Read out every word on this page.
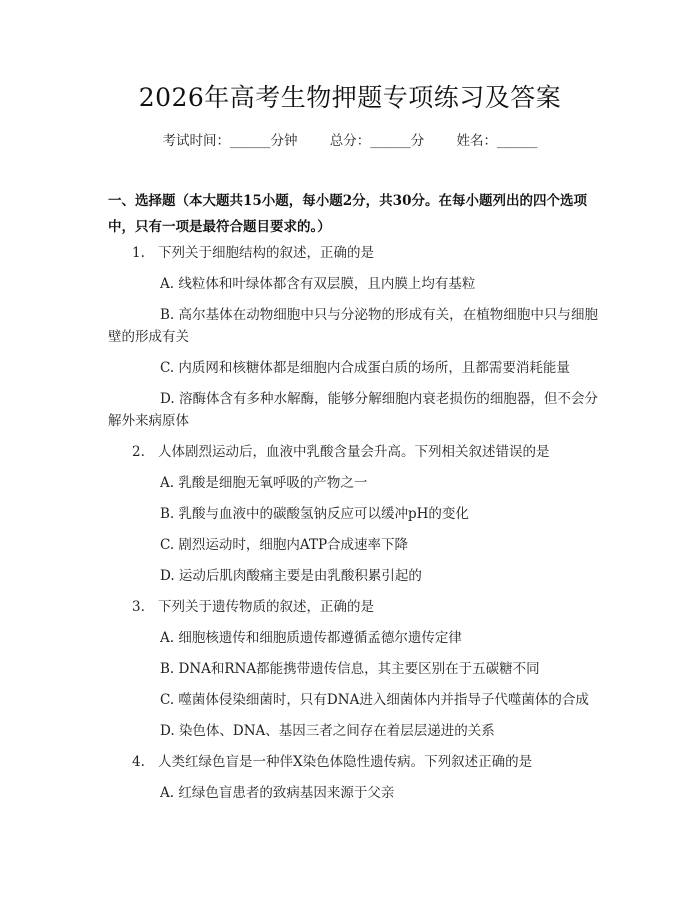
2026年高考生物押题专项练习及答案
考试时间：______分钟 总分：______分 姓名：______
一、选择题（本大题共15小题，每小题2分，共30分。在每小题列出的四个选项中，只有一项是最符合题目要求的。）
1. 下列关于细胞结构的叙述，正确的是
A. 线粒体和叶绿体都含有双层膜，且内膜上均有基粒
B. 高尔基体在动物细胞中只与分泌物的形成有关，在植物细胞中只与细胞壁的形成有关
C. 内质网和核糖体都是细胞内合成蛋白质的场所，且都需要消耗能量
D. 溶酶体含有多种水解酶，能够分解细胞内衰老损伤的细胞器，但不会分解外来病原体
2. 人体剧烈运动后，血液中乳酸含量会升高。下列相关叙述错误的是
A. 乳酸是细胞无氧呼吸的产物之一
B. 乳酸与血液中的碳酸氢钠反应可以缓冲pH的变化
C. 剧烈运动时，细胞内ATP合成速率下降
D. 运动后肌肉酸痛主要是由乳酸积累引起的
3. 下列关于遗传物质的叙述，正确的是
A. 细胞核遗传和细胞质遗传都遵循孟德尔遗传定律
B. DNA和RNA都能携带遗传信息，其主要区别在于五碳糖不同
C. 噬菌体侵染细菌时，只有DNA进入细菌体内并指导子代噬菌体的合成
D. 染色体、DNA、基因三者之间存在着层层递进的关系
4. 人类红绿色盲是一种伴X染色体隐性遗传病。下列叙述正确的是
A. 红绿色盲患者的致病基因来源于父亲
